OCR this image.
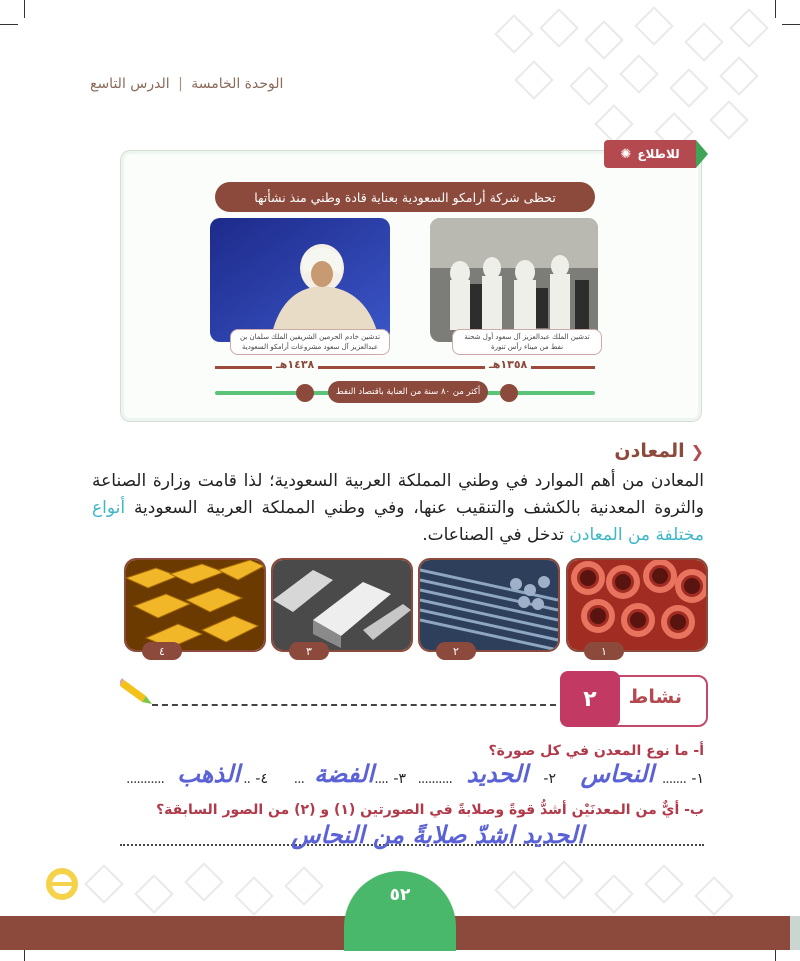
الوحدة الخامسة | الدرس التاسع
للاطلاع
✺
تحظى شركة أرامكو السعودية بعناية قادة وطني منذ نشأتها
تدشين الملك عبدالعزيز آل سعود أول شحنة
نفط من ميناء رأس تنورة
تدشين خادم الحرمين الشريفين الملك سلمان بن
عبدالعزيز آل سعود مشروعات أرامكو السعودية
١٣٥٨هـ
١٤٣٨هـ
أكثر من ٨٠ سنة من العناية باقتصاد النفط
❮
المعادن
المعادن من أهم الموارد في وطني المملكة العربية السعودية؛ لذا قامت وزارة الصناعة والثروة المعدنية بالكشف والتنقيب عنها، وفي وطني المملكة العربية السعودية أنواع مختلفة من المعادن تدخل في الصناعات.
١
٢
٣
٤
نشاط
٢
أ- ما نوع المعدن في كل صورة؟
١-
.......
النحاس
٢-
الحديد
..........
٣-
....
الفضة
...
٤-
..
الذهب
...........
ب- أيٌّ من المعدنَيْن أشدُّ قوةً وصلابةً في الصورتين (١) و (٢) من الصور السابقة؟
الحديد اشدّ صلابةً من النحاس
٥٢
